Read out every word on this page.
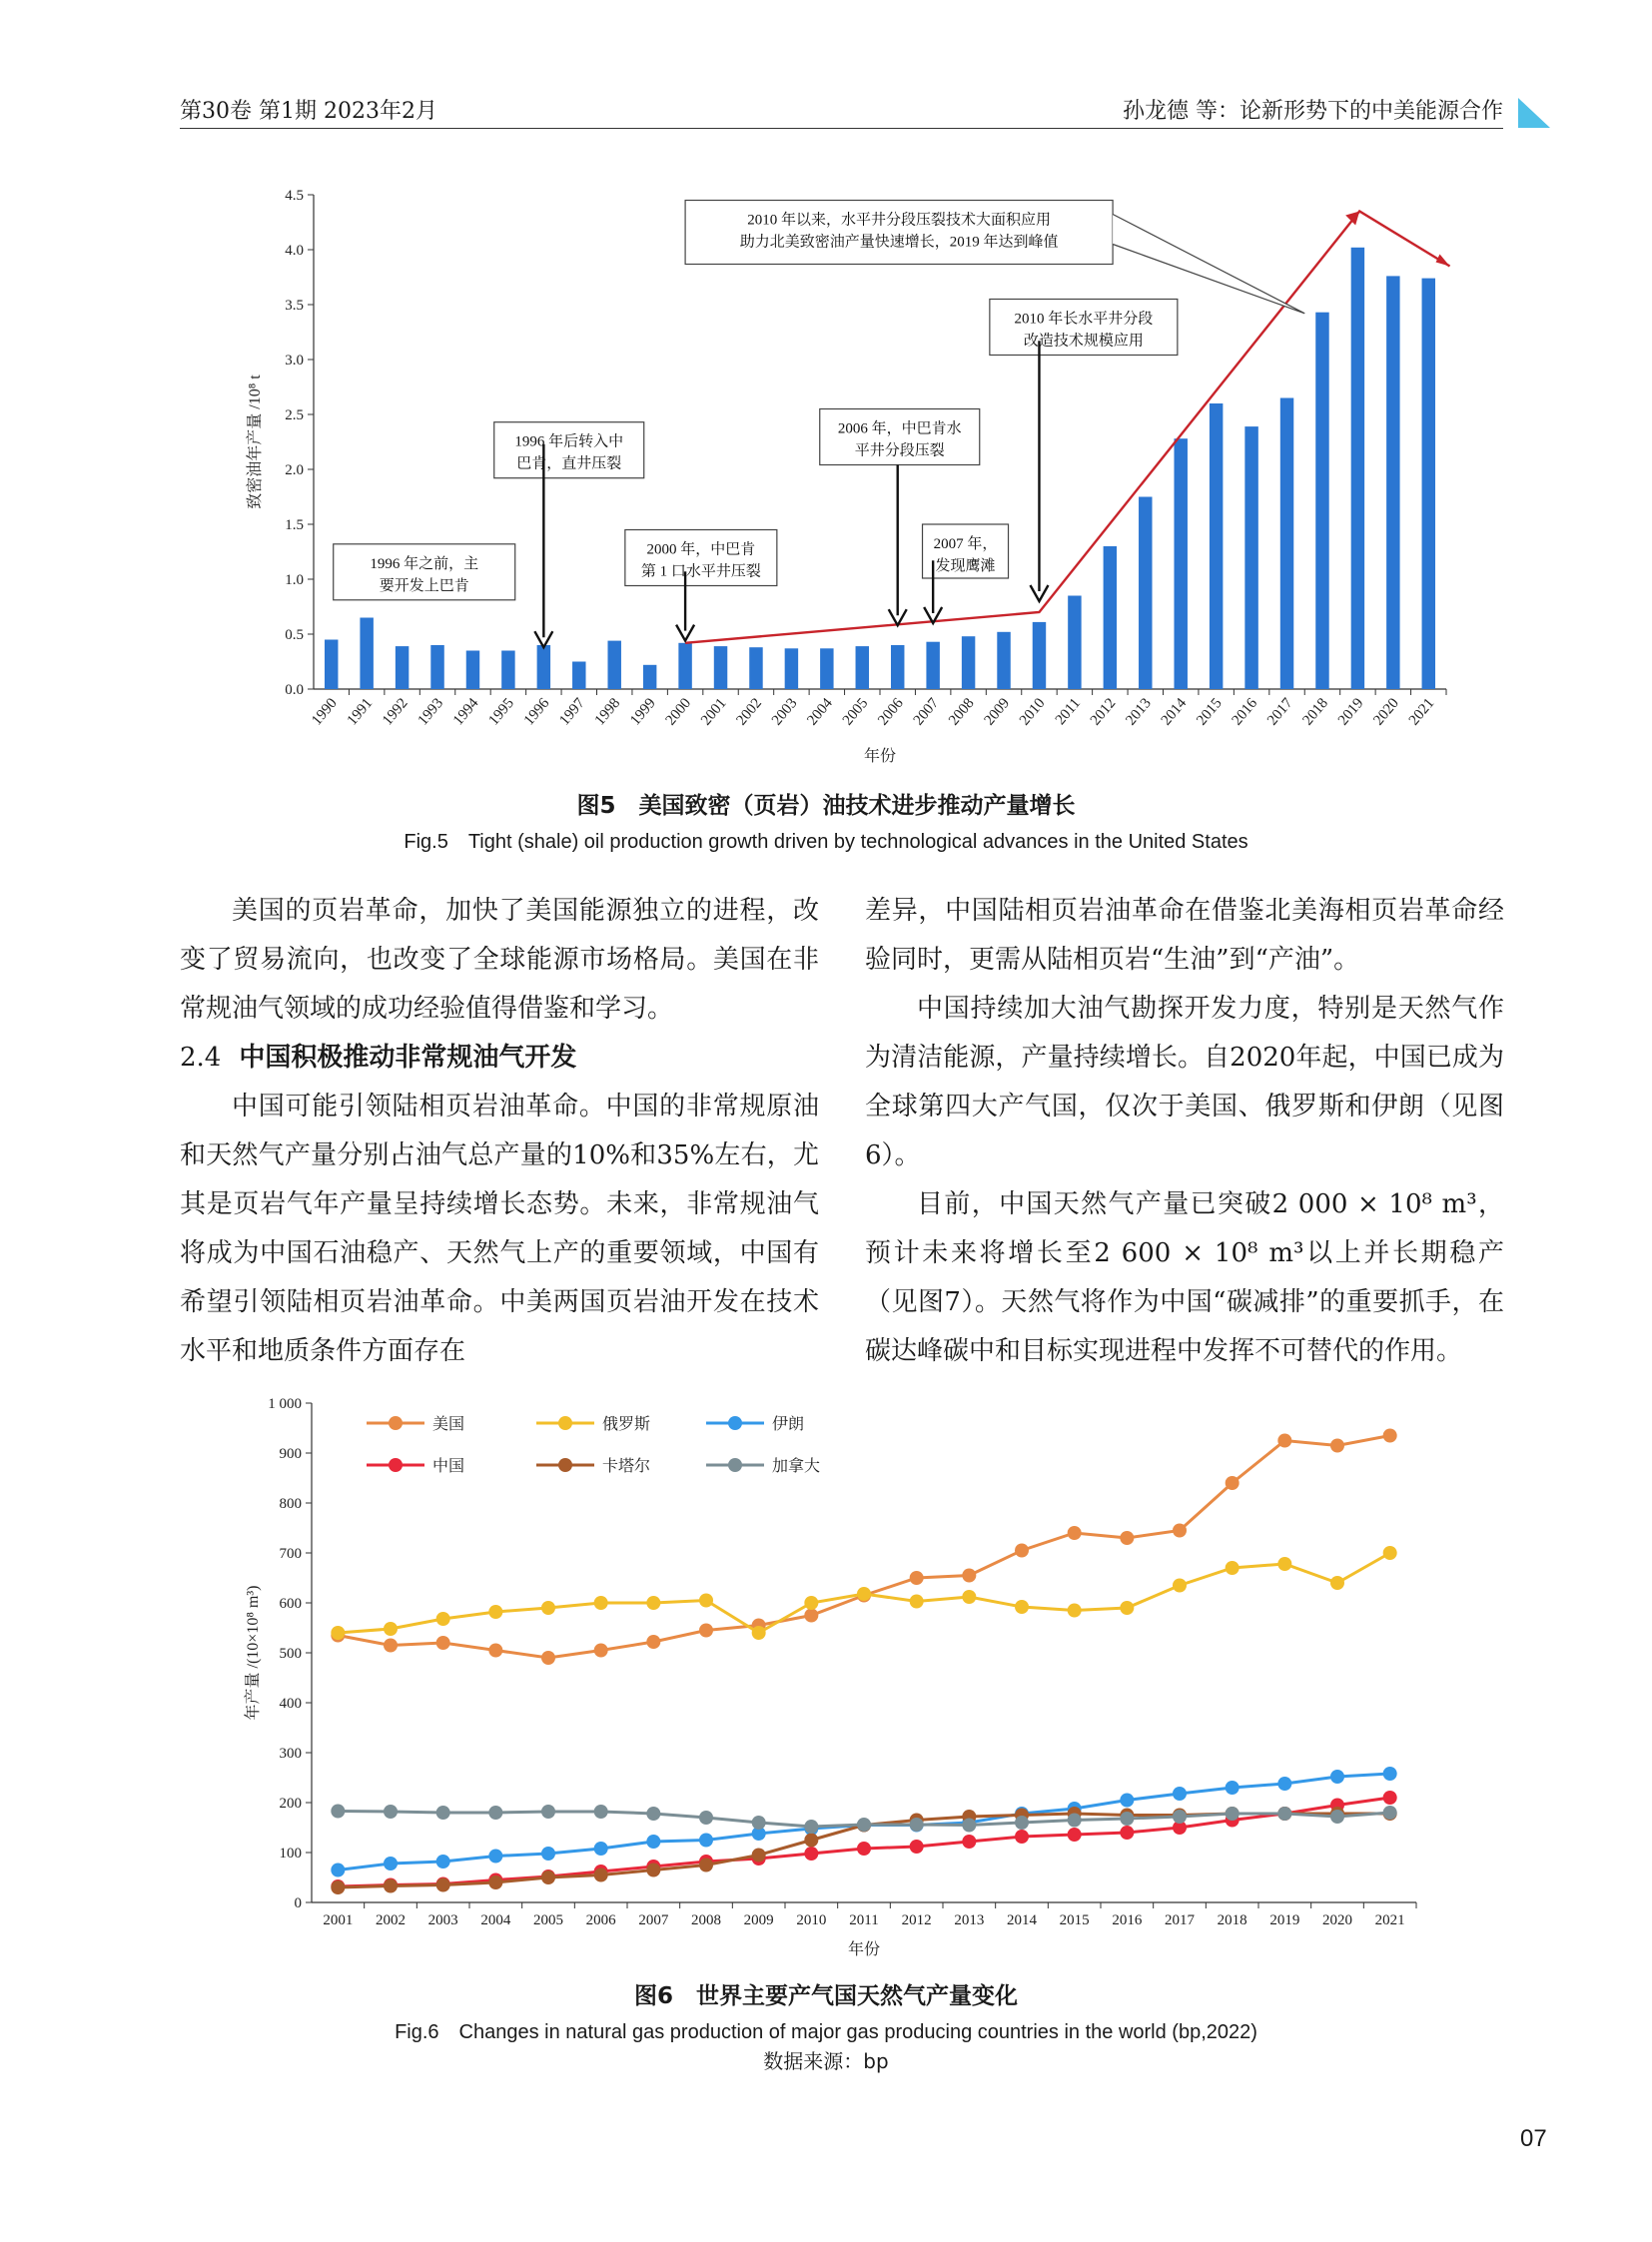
第30卷 第1期 2023年2月	孙龙德 等：论新形势下的中美能源合作
0.0
0.5
1.0
1.5
2.0
2.5
3.0
3.5
4.0
4.5
致密油年产量 /10⁸ t
1990 1991 1992 1993 1994 1995 1996 1997 1998 1999 2000 2001 2002 2003 2004 2005 2006 2007 2008 2009 2010 2011 2012 2013 2014 2015 2016 2017 2018 2019 2020 2021
年份
1996 年之前，主
要开发上巴肯
1996 年后转入中
巴肯，直井压裂
2000 年，中巴肯
第 1 口水平井压裂
2006 年，中巴肯水
平井分段压裂
2007 年，
发现鹰滩
2010 年长水平井分段
改造技术规模应用
2010 年以来，水平井分段压裂技术大面积应用
助力北美致密油产量快速增长，2019 年达到峰值
图5　美国致密（页岩）油技术进步推动产量增长
Fig.5　Tight (shale) oil production growth driven by technological advances in the United States

美国的页岩革命，加快了美国能源独立的进程，改变了贸易流向，也改变了全球能源市场格局。美国在非常规油气领域的成功经验值得借鉴和学习。

2.4 中国积极推动非常规油气开发

中国可能引领陆相页岩油革命。中国的非常规原油和天然气产量分别占油气总产量的10%和35%左右，尤其是页岩气年产量呈持续增长态势。未来，非常规油气将成为中国石油稳产、天然气上产的重要领域，中国有希望引领陆相页岩油革命。中美两国页岩油开发在技术水平和地质条件方面存在

差异，中国陆相页岩油革命在借鉴北美海相页岩革命经验同时，更需从陆相页岩“生油”到“产油”。

中国持续加大油气勘探开发力度，特别是天然气作为清洁能源，产量持续增长。自2020年起，中国已成为全球第四大产气国，仅次于美国、俄罗斯和伊朗（见图6）。

目前，中国天然气产量已突破2 000 × 10⁸ m³，预计未来将增长至2 600 × 10⁸ m³以上并长期稳产（见图7）。天然气将作为中国“碳减排”的重要抓手，在碳达峰碳中和目标实现进程中发挥不可替代的作用。

0
100
200
300
400
500
600
700
800
900
1 000
2001 2002 2003 2004 2005 2006 2007 2008 2009 2010 2011 2012 2013 2014 2015 2016 2017 2018 2019 2020 2021
年产量 /(10×10⁸ m³)
年份
美国	俄罗斯	伊朗
中国	卡塔尔	加拿大
图6　世界主要产气国天然气产量变化
Fig.6　Changes in natural gas production of major gas producing countries in the world (bp,2022)
数据来源：bp
07
